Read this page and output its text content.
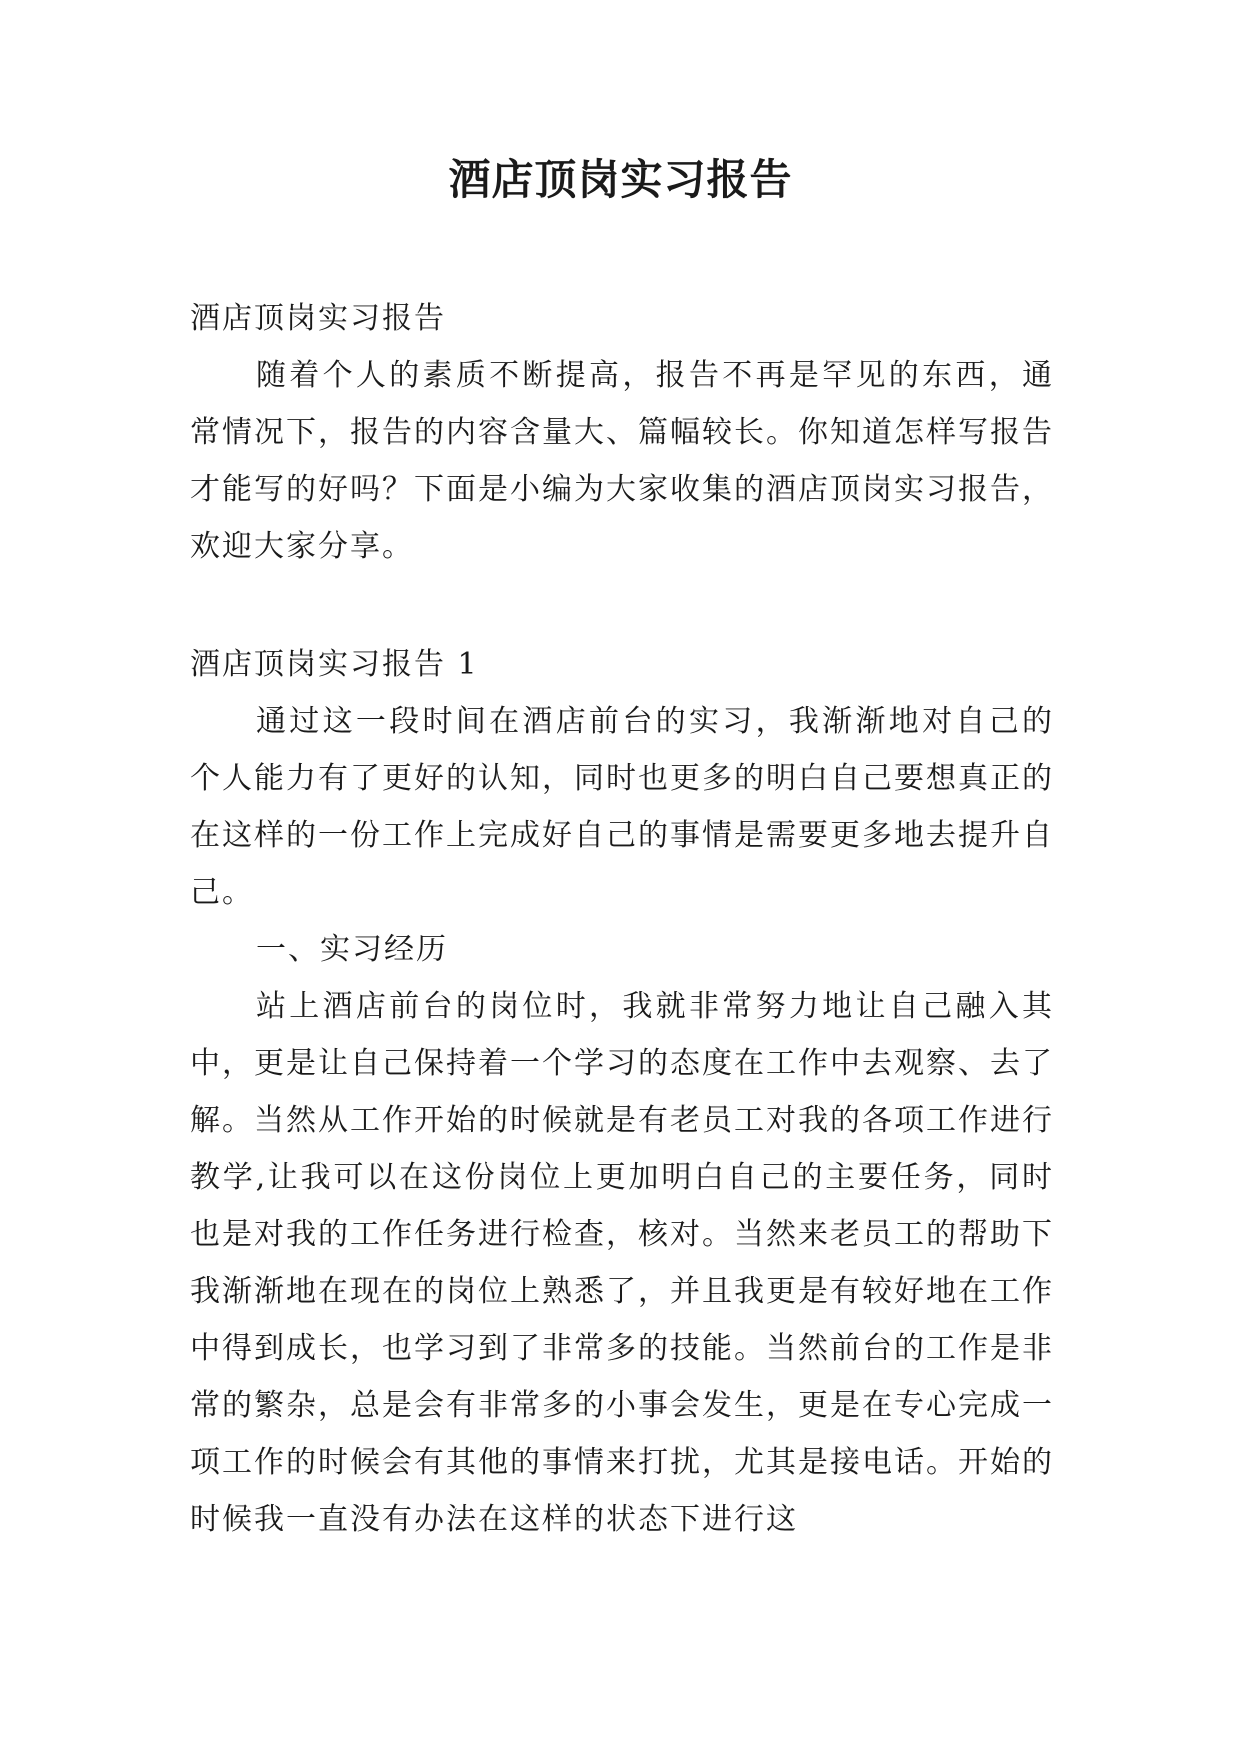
酒店顶岗实习报告

酒店顶岗实习报告

随着个人的素质不断提高，报告不再是罕见的东西，通常情况下，报告的内容含量大、篇幅较长。你知道怎样写报告才能写的好吗？下面是小编为大家收集的酒店顶岗实习报告，欢迎大家分享。

酒店顶岗实习报告 1

通过这一段时间在酒店前台的实习，我渐渐地对自己的个人能力有了更好的认知，同时也更多的明白自己要想真正的在这样的一份工作上完成好自己的事情是需要更多地去提升自己。

一、实习经历

站上酒店前台的岗位时，我就非常努力地让自己融入其中，更是让自己保持着一个学习的态度在工作中去观察、去了解。当然从工作开始的时候就是有老员工对我的各项工作进行教学,让我可以在这份岗位上更加明白自己的主要任务，同时也是对我的工作任务进行检查，核对。当然来老员工的帮助下我渐渐地在现在的岗位上熟悉了，并且我更是有较好地在工作中得到成长，也学习到了非常多的技能。当然前台的工作是非常的繁杂，总是会有非常多的小事会发生，更是在专心完成一项工作的时候会有其他的事情来打扰，尤其是接电话。开始的时候我一直没有办法在这样的状态下进行这
